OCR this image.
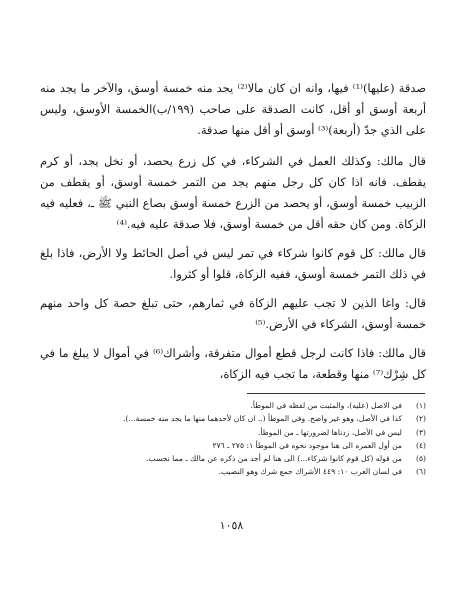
صدقة (عليها)⁽¹⁾ فيها، وانه ان كان مالا⁽²⁾ يجد منه خمسة أوسق، والآخر ما يجد منه أربعة أوسق أو أقل، كانت الصدقة على صاحب (١٩٩/ب)الخمسة الأوسق، وليس على الذي جدّ (أربعة)⁽³⁾ أوسق أو أقل منها صدقة.

قال مالك: وكذلك العمل في الشركاء، في كل زرع يحصد، أو نخل يجد، أو كرم يقطف. فانه اذا كان كل رجل منهم يجد من التمر خمسة أوسق، أو يقطف من الزبيب خمسة أوسق، أو يحصد من الزرع خمسة أوسق بصاع النبي ﷺ ـ، فعليه فيه الزكاة. ومن كان حقه أقل من خمسة أوسق، فلا صدقة عليه فيه.⁽⁴⁾

قال مالك: كل قوم كانوا شركاء في تمر ليس في أصل الحائط ولا الأرض، فاذا بلغ في ذلك التمر خمسة أوسق، ففيه الزكاة، قلوا أو كثروا.

قال: واغا الذين لا تجب عليهم الزكاة في ثمارهم، حتى تبلغ حصة كل واحد منهم خمسة أوسق، الشركاء في الأرض.⁽⁵⁾

قال مالك: فاذا كانت لرجل قطع أموال متفرقة، وأشراك⁽⁶⁾ في أموال لا يبلغ ما في كل شِرْك⁽⁷⁾ منها وقطعة، ما تجب فيه الزكاة،

(١)
في الاصل (عليه)، والمثبت من لفظه في الموطأ.
(٢)
كذا في الأصل، وهو غير واضح. وفي الموطأ (.. ان كان لأحدهما منها ما يجد منه خمسة...).
(٣)
ليس في الأصل، زدناها لضرورتها ـ من الموطأ.
(٤)
من أول العمره الى هنا موجود نحوه في الموطأ ١: ٢٧٥ ـ ٢٧٦
(٥)
من قوله (كل قوم كانوا شركاء...) الى هنا لم أجد من ذكره عن مالك ـ مما نحسب.
(٦)
في لسان العرب ١٠: ٤٤٩ الأشراك جمع شرك وهو النصيب.
١٠٥٨
